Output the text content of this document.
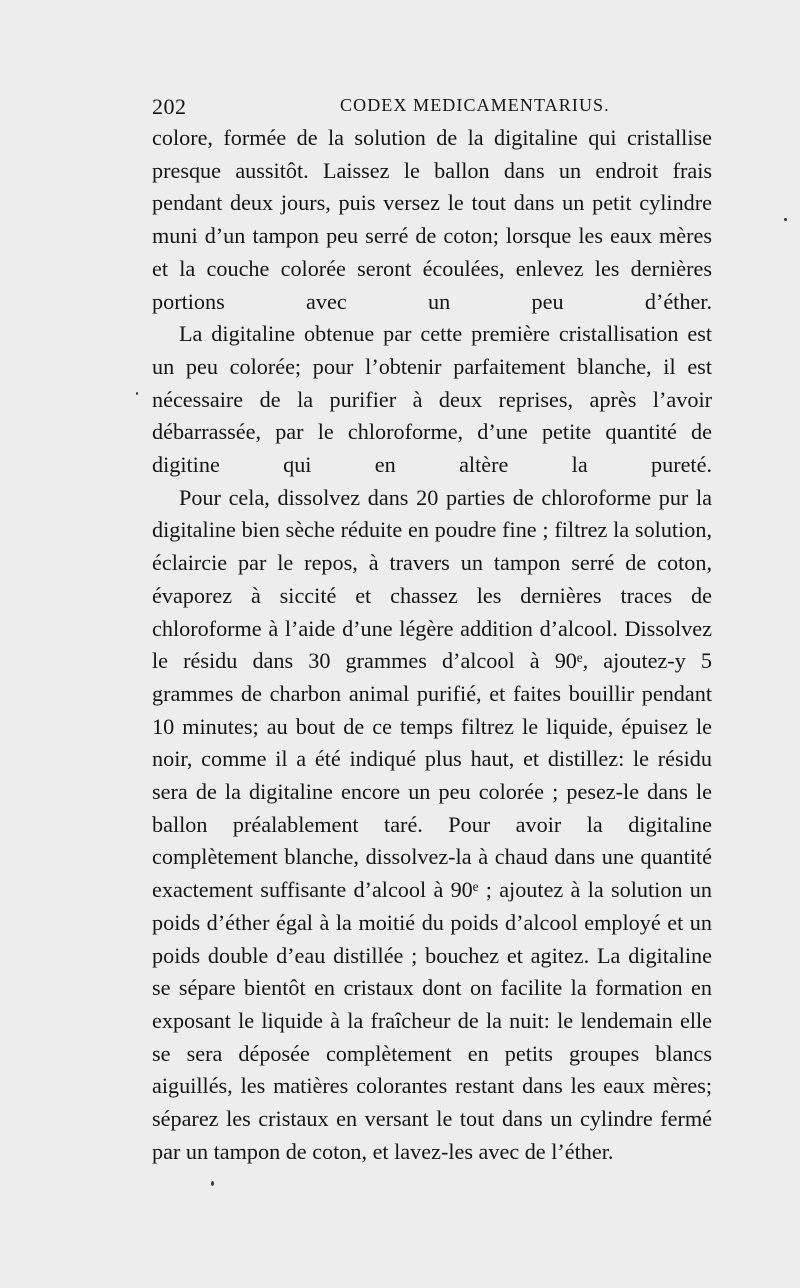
202	CODEX MEDICAMENTARIUS.

colore, formée de la solution de la digitaline qui cristallise presque aussitôt. Laissez le ballon dans un endroit frais pendant deux jours, puis versez le tout dans un petit cylindre muni d’un tampon peu serré de coton; lorsque les eaux mères et la couche colorée seront écoulées, enlevez les dernières portions avec un peu d’éther.

La digitaline obtenue par cette première cristallisation est un peu colorée; pour l’obtenir parfaitement blanche, il est nécessaire de la purifier à deux reprises, après l’avoir débarrassée, par le chloroforme, d’une petite quantité de digitine qui en altère la pureté.

Pour cela, dissolvez dans 20 parties de chloroforme pur la digitaline bien sèche réduite en poudre fine ; filtrez la solution, éclaircie par le repos, à travers un tampon serré de coton, évaporez à siccité et chassez les dernières traces de chloroforme à l’aide d’une légère addition d’alcool. Dissolvez le résidu dans 30 grammes d’alcool à 90ᵉ, ajoutez-y 5 grammes de charbon animal purifié, et faites bouillir pendant 10 minutes; au bout de ce temps filtrez le liquide, épuisez le noir, comme il a été indiqué plus haut, et distillez: le résidu sera de la digitaline encore un peu colorée ; pesez-le dans le ballon préalablement taré. Pour avoir la digitaline complètement blanche, dissolvez-la à chaud dans une quantité exactement suffisante d’alcool à 90ᵉ ; ajoutez à la solution un poids d’éther égal à la moitié du poids d’alcool employé et un poids double d’eau distillée ; bouchez et agitez. La digitaline se sépare bientôt en cristaux dont on facilite la formation en exposant le liquide à la fraîcheur de la nuit: le lendemain elle se sera déposée complètement en petits groupes blancs aiguillés, les matières colorantes restant dans les eaux mères; séparez les cristaux en versant le tout dans un cylindre fermé par un tampon de coton, et lavez-les avec de l’éther.
